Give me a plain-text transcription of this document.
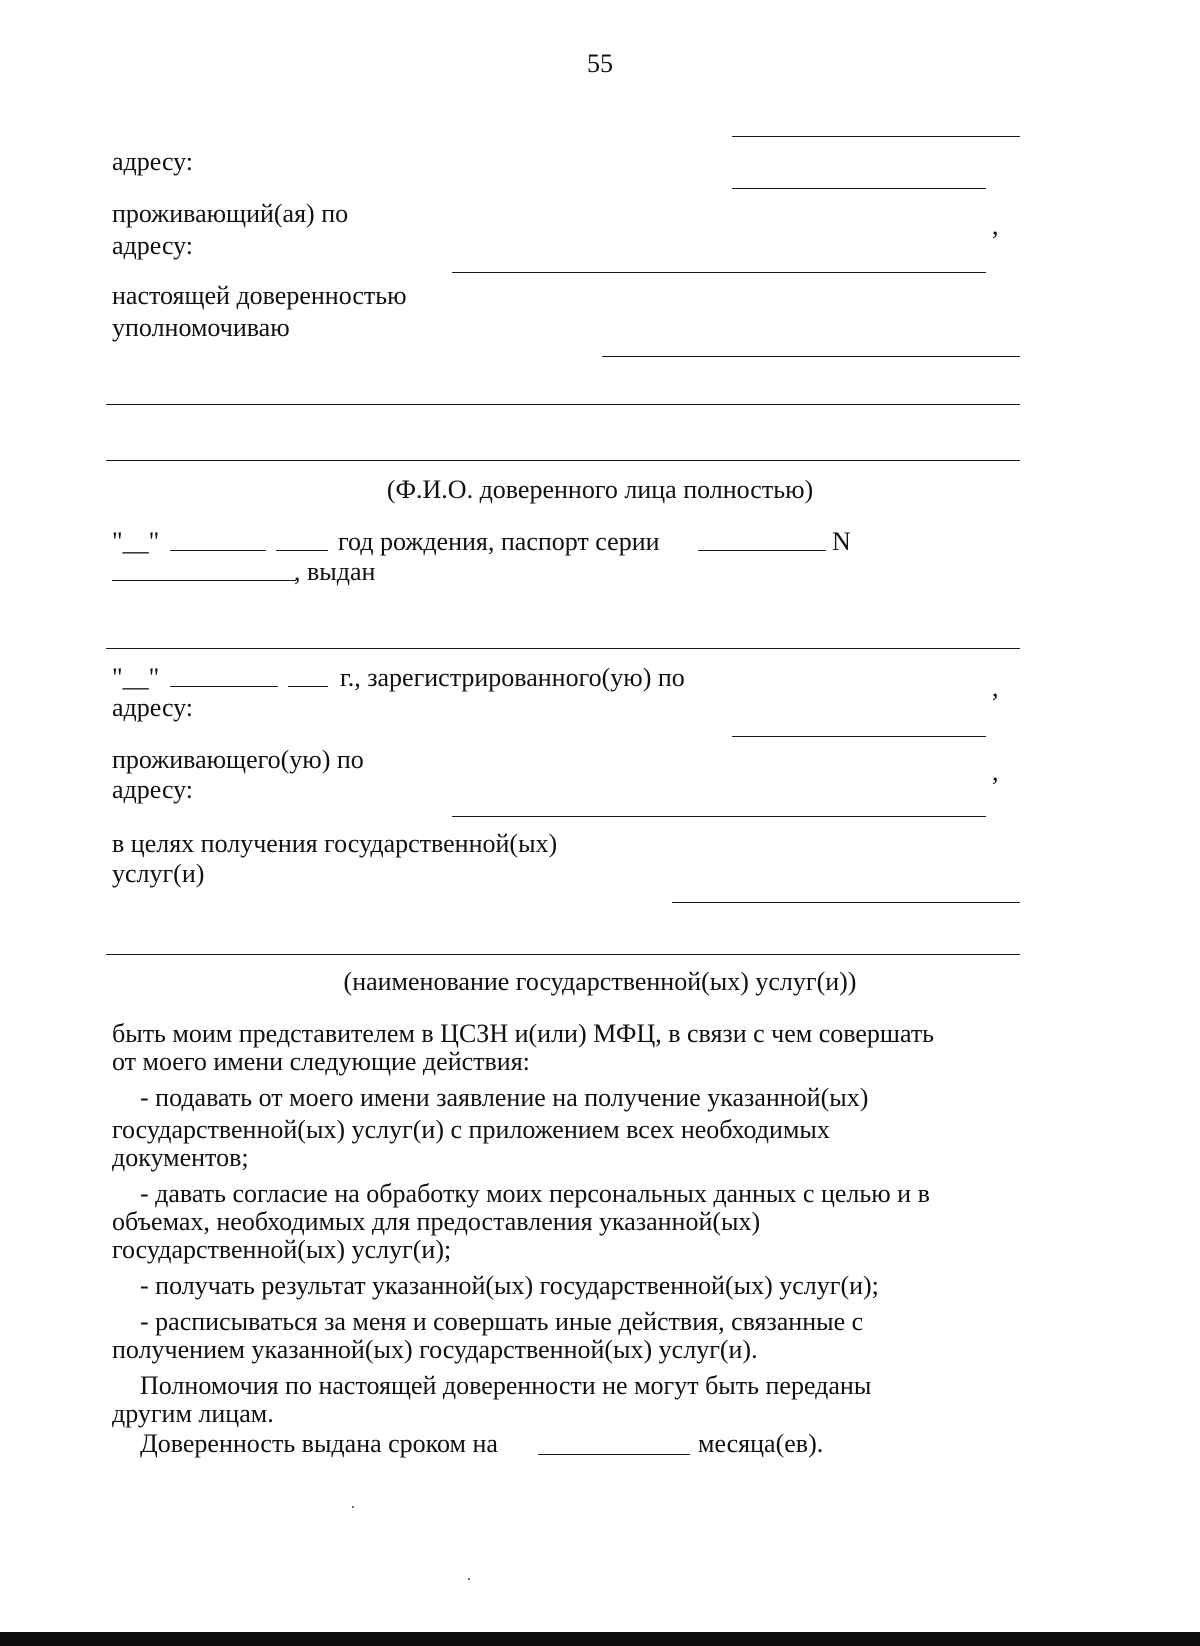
55
адресу:
проживающий(ая) по
адресу:
,
настоящей доверенностью
уполномочиваю
(Ф.И.О. доверенного лица полностью)
"__"	год рождения, паспорт серии	N
, выдан
"__"	г., зарегистрированного(ую) по	,
адресу:
проживающего(ую) по
адресу:
,
в целях получения государственной(ых)
услуг(и)
(наименование государственной(ых) услуг(и))
быть моим представителем в ЦСЗН и(или) МФЦ, в связи с чем совершать
от моего имени следующие действия:
- подавать от моего имени заявление на получение указанной(ых)
государственной(ых) услуг(и) с приложением всех необходимых
документов;
- давать согласие на обработку моих персональных данных с целью и в
объемах, необходимых для предоставления указанной(ых)
государственной(ых) услуг(и);
- получать результат указанной(ых) государственной(ых) услуг(и);
- расписываться за меня и совершать иные действия, связанные с
получением указанной(ых) государственной(ых) услуг(и).
Полномочия по настоящей доверенности не могут быть переданы
другим лицам.
Доверенность выдана сроком на	месяца(ев).
